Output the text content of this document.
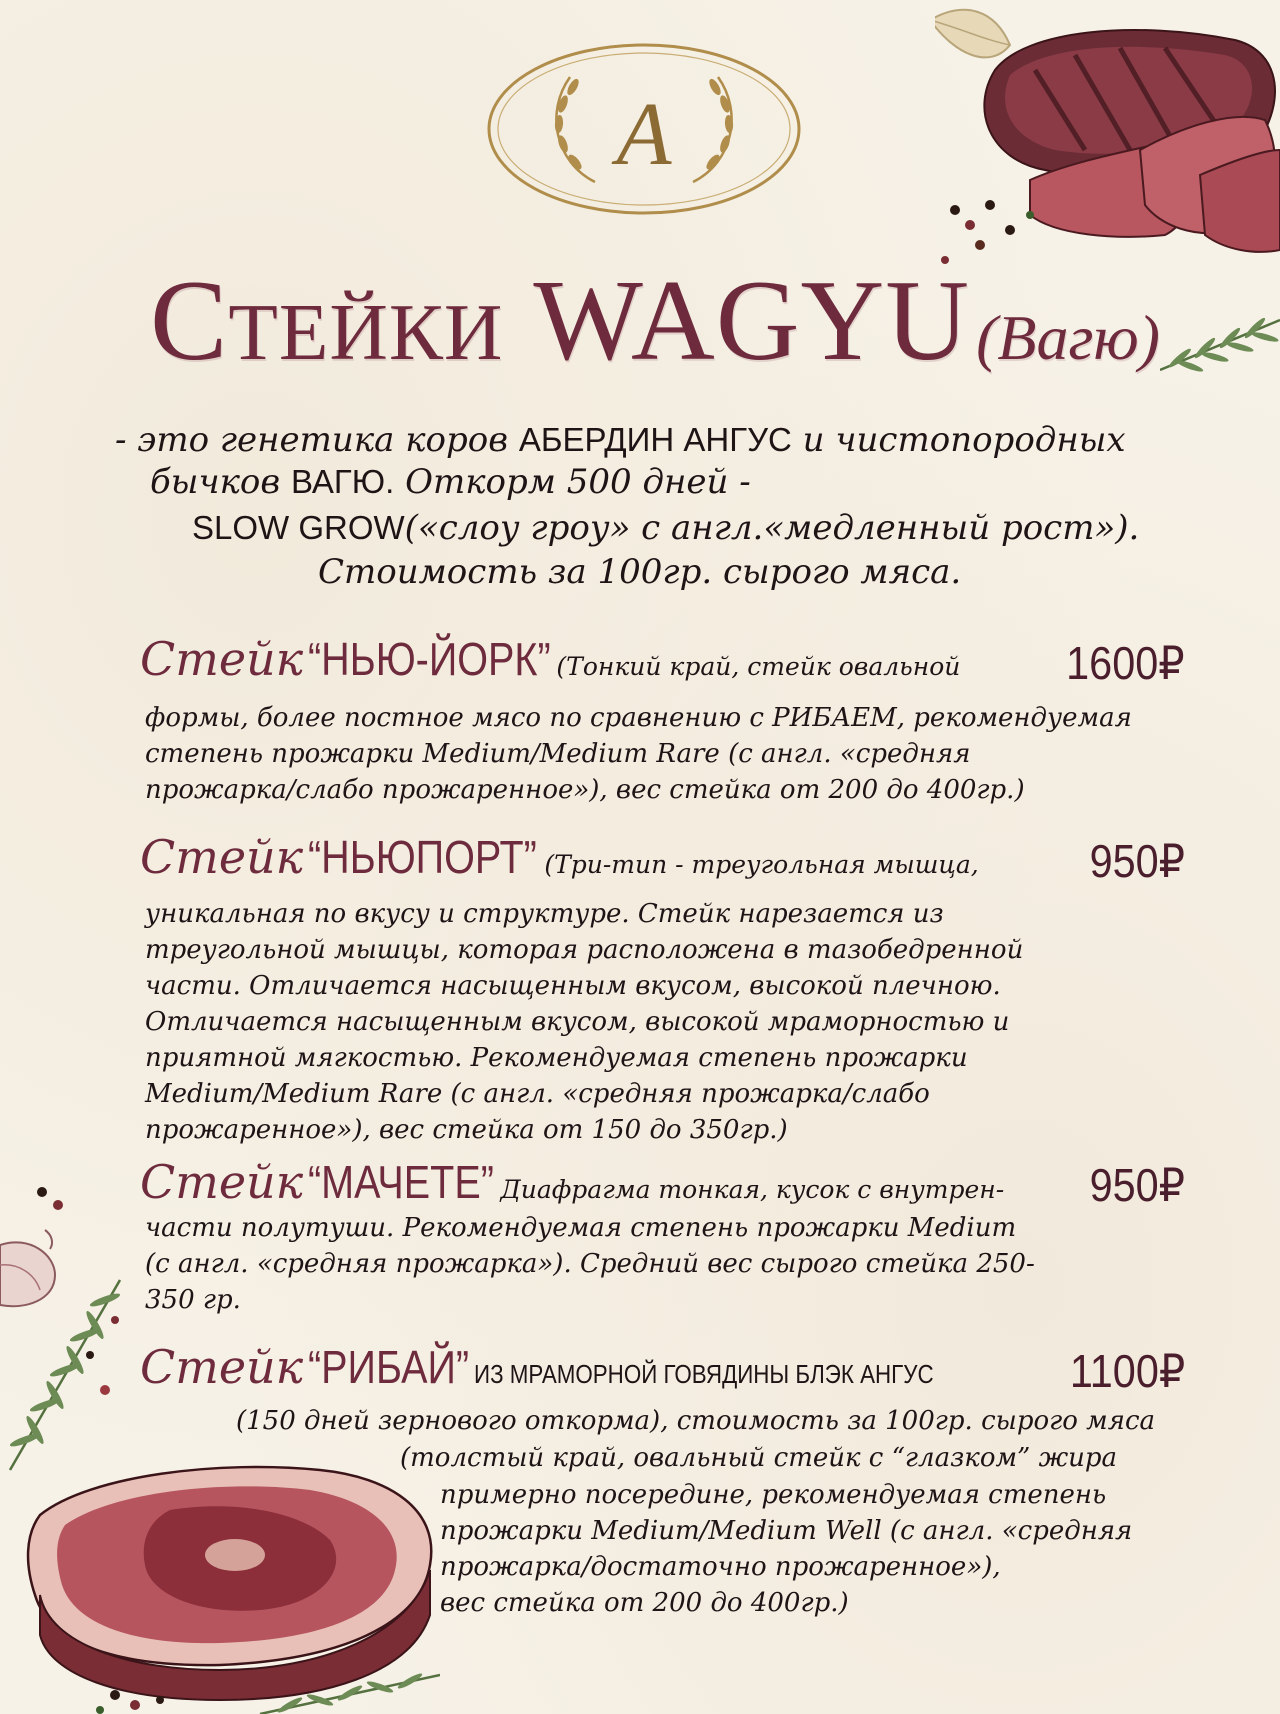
A
Стейки WAGYU(Вагю)
- это генетика коров АБЕРДИН АНГУС и чистопородных
бычков ВАГЮ. Откорм 500 дней -
SLOW GROW(«слоу гроу» с англ.«медленный рост»).
Стоимость за 100гр. сырого мяса.
Стейк “НЬЮ-ЙОРК” (Тонкий край, стейк овальной 1600₽
формы, более постное мясо по сравнению с РИБАЕМ, рекомендуемая
степень прожарки Medium/Medium Rare (с англ. «средняя
прожарка/слабо прожаренное»), вес стейка от 200 до 400гр.)
Стейк “НЬЮПОРТ” (Три-тип - треугольная мышца, 950₽
уникальная по вкусу и структуре. Стейк нарезается из
треугольной мышцы, которая расположена в тазобедренной
части. Отличается насыщенным вкусом, высокой плечною.
Отличается насыщенным вкусом, высокой мраморностью и
приятной мягкостью. Рекомендуемая степень прожарки
Medium/Medium Rare (с англ. «средняя прожарка/слабо
прожаренное»), вес стейка от 150 до 350гр.)
Стейк “МАЧЕТЕ” Диафрагма тонкая, кусок с внутрен- 950₽
части полутуши. Рекомендуемая степень прожарки Medium
(с англ. «средняя прожарка»). Средний вес сырого стейка 250-
350 гр.
Стейк “РИБАЙ” ИЗ МРАМОРНОЙ ГОВЯДИНЫ БЛЭК АНГУС	1100₽
(150 дней зернового откорма), стоимость за 100гр. сырого мяса
(толстый край, овальный стейк с “глазком” жира
примерно посередине, рекомендуемая степень
прожарки Medium/Medium Well (с англ. «средняя
прожарка/достаточно прожаренное»),
вес стейка от 200 до 400гр.)
